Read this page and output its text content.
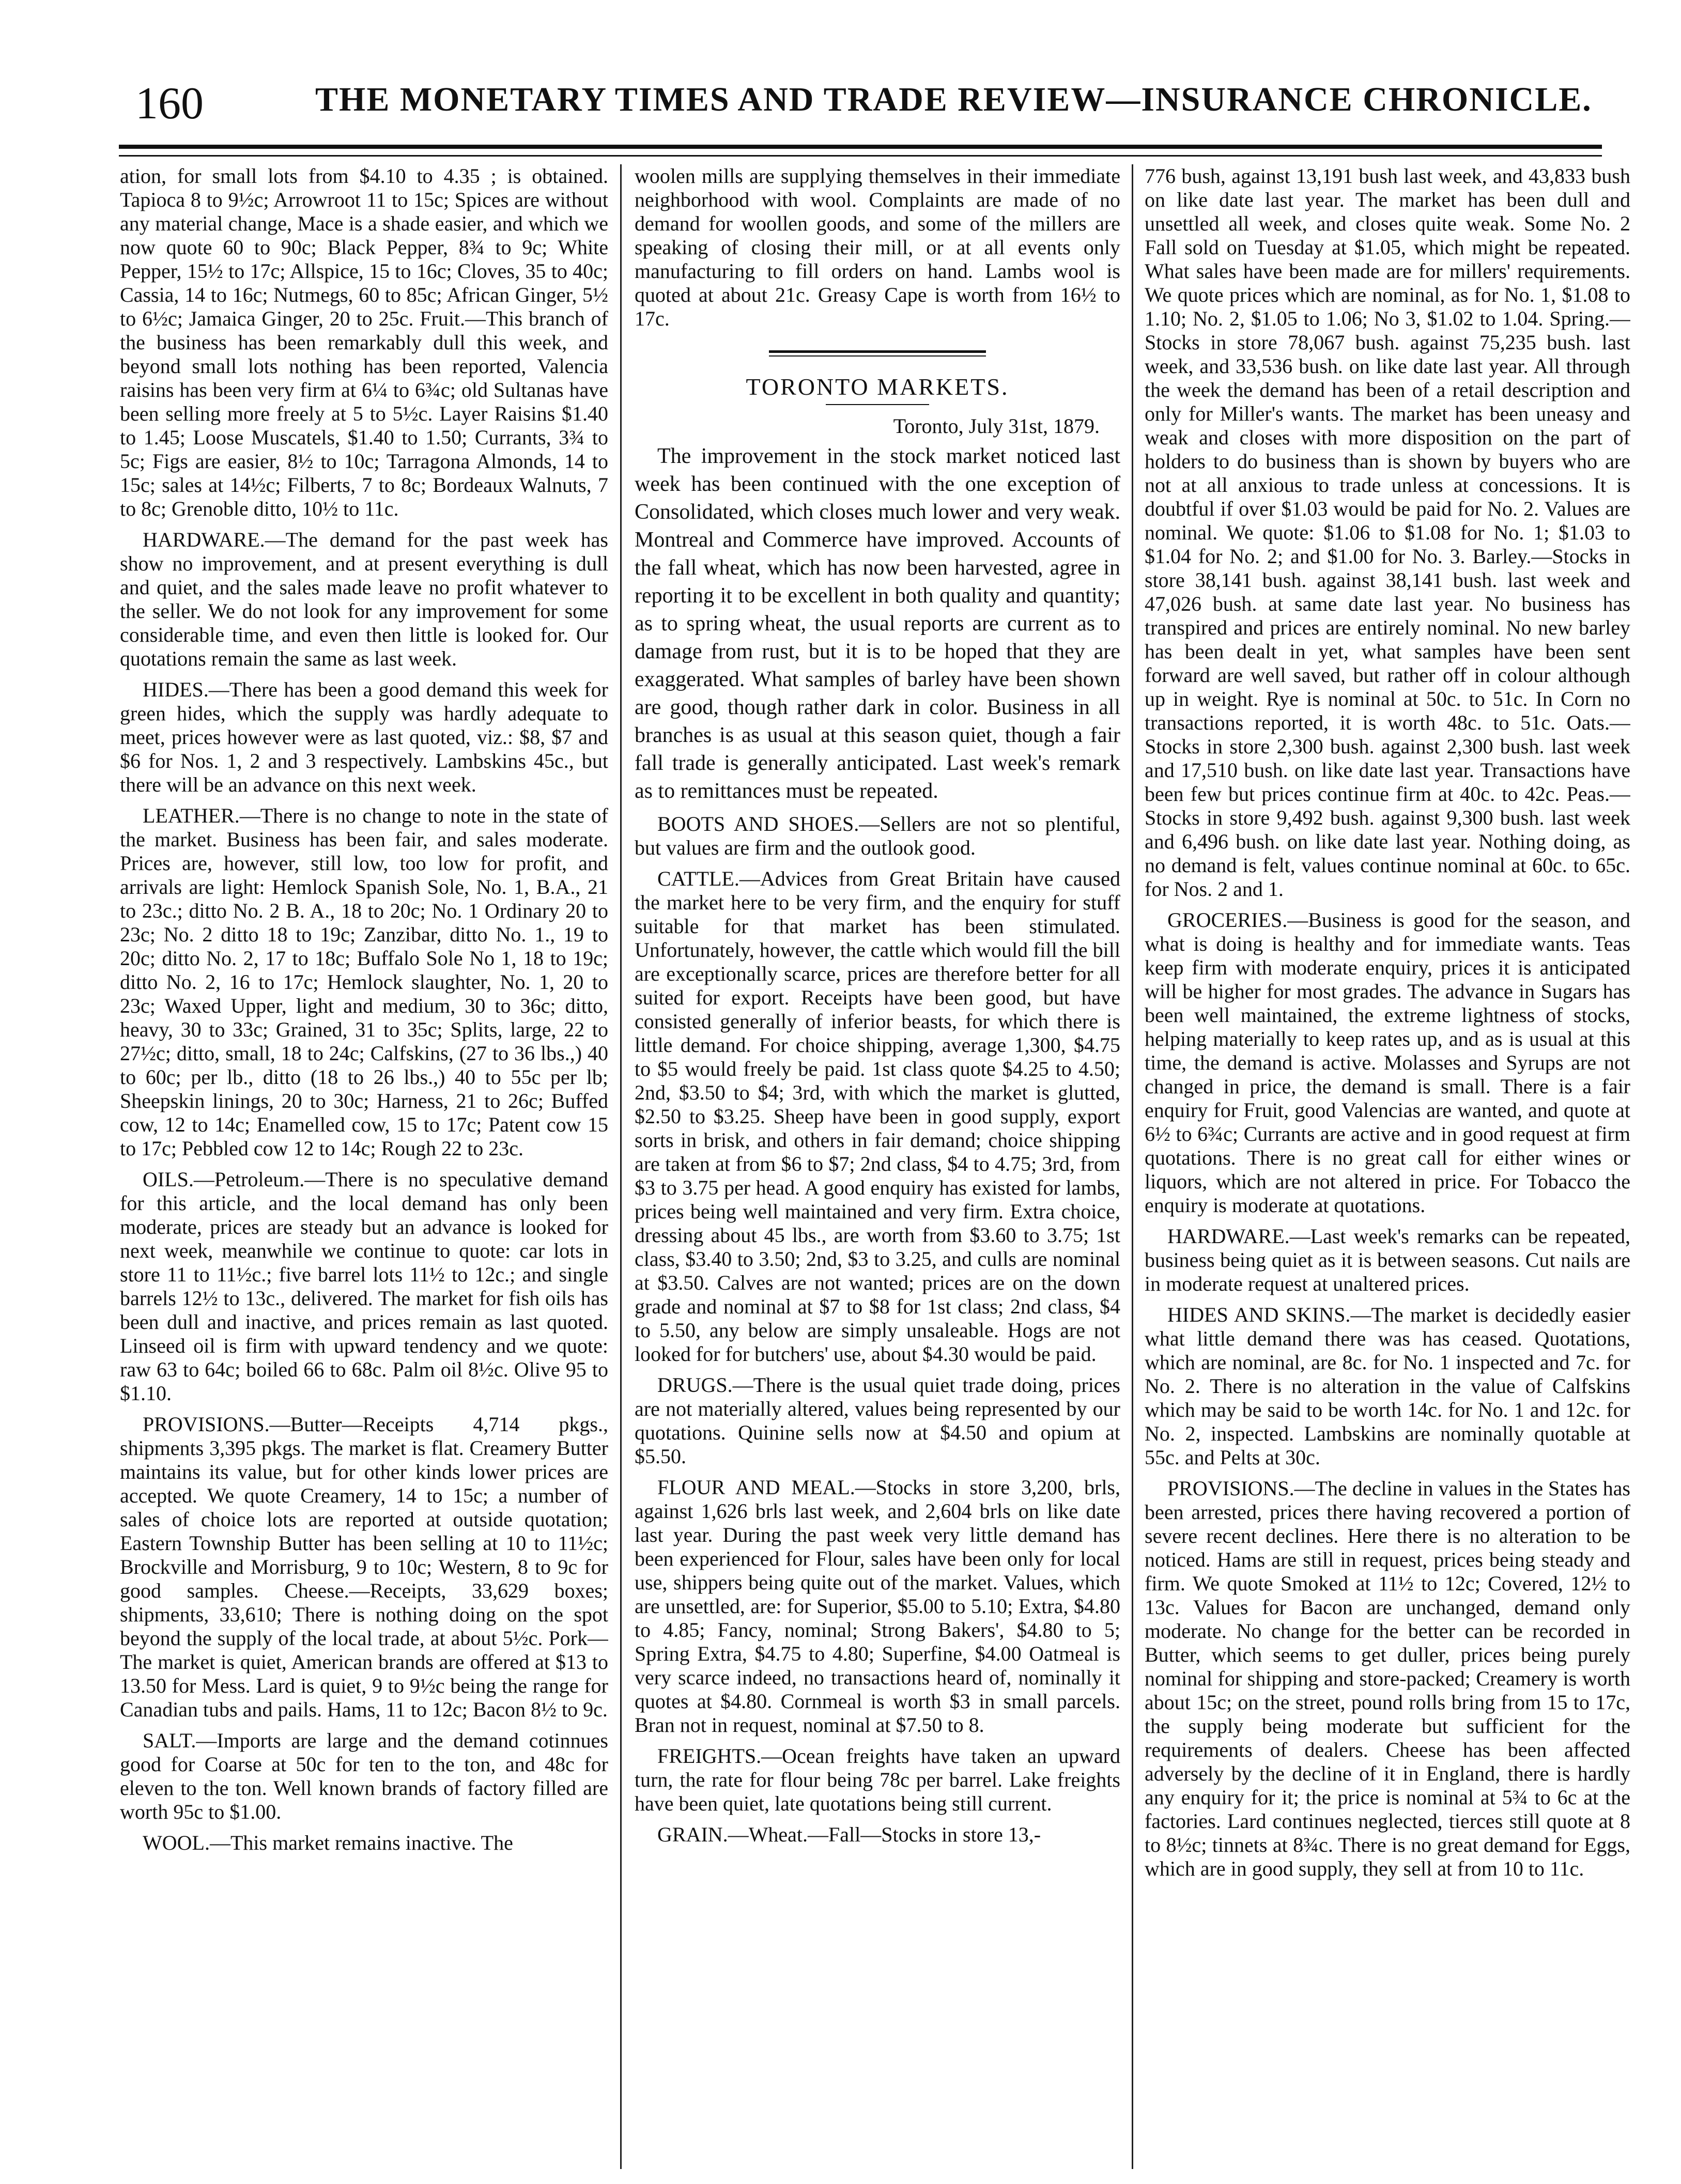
160	THE MONETARY TIMES AND TRADE REVIEW—INSURANCE CHRONICLE.

ation, for small lots from $4.10 to 4.35 ; is obtained. Tapioca 8 to 9½c; Arrowroot 11 to 15c; Spices are without any material change, Mace is a shade easier, and which we now quote 60 to 90c; Black Pepper, 8¾ to 9c; White Pepper, 15½ to 17c; Allspice, 15 to 16c; Cloves, 35 to 40c; Cassia, 14 to 16c; Nutmegs, 60 to 85c; African Ginger, 5½ to 6½c; Jamaica Ginger, 20 to 25c. Fruit.—This branch of the business has been remarkably dull this week, and beyond small lots nothing has been reported, Valencia raisins has been very firm at 6¼ to 6¾c; old Sultanas have been selling more freely at 5 to 5½c. Layer Raisins $1.40 to 1.45; Loose Muscatels, $1.40 to 1.50; Currants, 3¾ to 5c; Figs are easier, 8½ to 10c; Tarragona Almonds, 14 to 15c; sales at 14½c; Filberts, 7 to 8c; Bordeaux Walnuts, 7 to 8c; Grenoble ditto, 10½ to 11c.

HARDWARE.—The demand for the past week has show no improvement, and at present everything is dull and quiet, and the sales made leave no profit whatever to the seller. We do not look for any improvement for some considerable time, and even then little is looked for. Our quotations remain the same as last week.

HIDES.—There has been a good demand this week for green hides, which the supply was hardly adequate to meet, prices however were as last quoted, viz.: $8, $7 and $6 for Nos. 1, 2 and 3 respectively. Lambskins 45c., but there will be an advance on this next week.

LEATHER.—There is no change to note in the state of the market. Business has been fair, and sales moderate. Prices are, however, still low, too low for profit, and arrivals are light: Hemlock Spanish Sole, No. 1, B.A., 21 to 23c.; ditto No. 2 B. A., 18 to 20c; No. 1 Ordinary 20 to 23c; No. 2 ditto 18 to 19c; Zanzibar, ditto No. 1., 19 to 20c; ditto No. 2, 17 to 18c; Buffalo Sole No 1, 18 to 19c; ditto No. 2, 16 to 17c; Hemlock slaughter, No. 1, 20 to 23c; Waxed Upper, light and medium, 30 to 36c; ditto, heavy, 30 to 33c; Grained, 31 to 35c; Splits, large, 22 to 27½c; ditto, small, 18 to 24c; Calfskins, (27 to 36 lbs.,) 40 to 60c; per lb., ditto (18 to 26 lbs.,) 40 to 55c per lb; Sheepskin linings, 20 to 30c; Harness, 21 to 26c; Buffed cow, 12 to 14c; Enamelled cow, 15 to 17c; Patent cow 15 to 17c; Pebbled cow 12 to 14c; Rough 22 to 23c.

OILS.—Petroleum.—There is no speculative demand for this article, and the local demand has only been moderate, prices are steady but an advance is looked for next week, meanwhile we continue to quote: car lots in store 11 to 11½c.; five barrel lots 11½ to 12c.; and single barrels 12½ to 13c., delivered. The market for fish oils has been dull and inactive, and prices remain as last quoted. Linseed oil is firm with upward tendency and we quote: raw 63 to 64c; boiled 66 to 68c. Palm oil 8½c. Olive 95 to $1.10.

PROVISIONS.—Butter—Receipts 4,714 pkgs., shipments 3,395 pkgs. The market is flat. Creamery Butter maintains its value, but for other kinds lower prices are accepted. We quote Creamery, 14 to 15c; a number of sales of choice lots are reported at outside quotation; Eastern Township Butter has been selling at 10 to 11½c; Brockville and Morrisburg, 9 to 10c; Western, 8 to 9c for good samples. Cheese.—Receipts, 33,629 boxes; shipments, 33,610; There is nothing doing on the spot beyond the supply of the local trade, at about 5½c. Pork—The market is quiet, American brands are offered at $13 to 13.50 for Mess. Lard is quiet, 9 to 9½c being the range for Canadian tubs and pails. Hams, 11 to 12c; Bacon 8½ to 9c.

SALT.—Imports are large and the demand cotinnues good for Coarse at 50c for ten to the ton, and 48c for eleven to the ton. Well known brands of factory filled are worth 95c to $1.00.

WOOL.—This market remains inactive. The

woolen mills are supplying themselves in their immediate neighborhood with wool. Complaints are made of no demand for woollen goods, and some of the millers are speaking of closing their mill, or at all events only manufacturing to fill orders on hand. Lambs wool is quoted at about 21c. Greasy Cape is worth from 16½ to 17c.

TORONTO MARKETS.
Toronto, July 31st, 1879.

The improvement in the stock market noticed last week has been continued with the one exception of Consolidated, which closes much lower and very weak. Montreal and Commerce have improved. Accounts of the fall wheat, which has now been harvested, agree in reporting it to be excellent in both quality and quantity; as to spring wheat, the usual reports are current as to damage from rust, but it is to be hoped that they are exaggerated. What samples of barley have been shown are good, though rather dark in color. Business in all branches is as usual at this season quiet, though a fair fall trade is generally anticipated. Last week's remark as to remittances must be repeated.

BOOTS AND SHOES.—Sellers are not so plentiful, but values are firm and the outlook good.

CATTLE.—Advices from Great Britain have caused the market here to be very firm, and the enquiry for stuff suitable for that market has been stimulated. Unfortunately, however, the cattle which would fill the bill are exceptionally scarce, prices are therefore better for all suited for export. Receipts have been good, but have consisted generally of inferior beasts, for which there is little demand. For choice shipping, average 1,300, $4.75 to $5 would freely be paid. 1st class quote $4.25 to 4.50; 2nd, $3.50 to $4; 3rd, with which the market is glutted, $2.50 to $3.25. Sheep have been in good supply, export sorts in brisk, and others in fair demand; choice shipping are taken at from $6 to $7; 2nd class, $4 to 4.75; 3rd, from $3 to 3.75 per head. A good enquiry has existed for lambs, prices being well maintained and very firm. Extra choice, dressing about 45 lbs., are worth from $3.60 to 3.75; 1st class, $3.40 to 3.50; 2nd, $3 to 3.25, and culls are nominal at $3.50. Calves are not wanted; prices are on the down grade and nominal at $7 to $8 for 1st class; 2nd class, $4 to 5.50, any below are simply unsaleable. Hogs are not looked for for butchers' use, about $4.30 would be paid.

DRUGS.—There is the usual quiet trade doing, prices are not materially altered, values being represented by our quotations. Quinine sells now at $4.50 and opium at $5.50.

FLOUR AND MEAL.—Stocks in store 3,200, brls, against 1,626 brls last week, and 2,604 brls on like date last year. During the past week very little demand has been experienced for Flour, sales have been only for local use, shippers being quite out of the market. Values, which are unsettled, are: for Superior, $5.00 to 5.10; Extra, $4.80 to 4.85; Fancy, nominal; Strong Bakers', $4.80 to 5; Spring Extra, $4.75 to 4.80; Superfine, $4.00 Oatmeal is very scarce indeed, no transactions heard of, nominally it quotes at $4.80. Cornmeal is worth $3 in small parcels. Bran not in request, nominal at $7.50 to 8.

FREIGHTS.—Ocean freights have taken an upward turn, the rate for flour being 78c per barrel. Lake freights have been quiet, late quotations being still current.

GRAIN.—Wheat.—Fall—Stocks in store 13,-

776 bush, against 13,191 bush last week, and 43,833 bush on like date last year. The market has been dull and unsettled all week, and closes quite weak. Some No. 2 Fall sold on Tuesday at $1.05, which might be repeated. What sales have been made are for millers' requirements. We quote prices which are nominal, as for No. 1, $1.08 to 1.10; No. 2, $1.05 to 1.06; No 3, $1.02 to 1.04. Spring.—Stocks in store 78,067 bush. against 75,235 bush. last week, and 33,536 bush. on like date last year. All through the week the demand has been of a retail description and only for Miller's wants. The market has been uneasy and weak and closes with more disposition on the part of holders to do business than is shown by buyers who are not at all anxious to trade unless at concessions. It is doubtful if over $1.03 would be paid for No. 2. Values are nominal. We quote: $1.06 to $1.08 for No. 1; $1.03 to $1.04 for No. 2; and $1.00 for No. 3. Barley.—Stocks in store 38,141 bush. against 38,141 bush. last week and 47,026 bush. at same date last year. No business has transpired and prices are entirely nominal. No new barley has been dealt in yet, what samples have been sent forward are well saved, but rather off in colour although up in weight. Rye is nominal at 50c. to 51c. In Corn no transactions reported, it is worth 48c. to 51c. Oats.—Stocks in store 2,300 bush. against 2,300 bush. last week and 17,510 bush. on like date last year. Transactions have been few but prices continue firm at 40c. to 42c. Peas.—Stocks in store 9,492 bush. against 9,300 bush. last week and 6,496 bush. on like date last year. Nothing doing, as no demand is felt, values continue nominal at 60c. to 65c. for Nos. 2 and 1.

GROCERIES.—Business is good for the season, and what is doing is healthy and for immediate wants. Teas keep firm with moderate enquiry, prices it is anticipated will be higher for most grades. The advance in Sugars has been well maintained, the extreme lightness of stocks, helping materially to keep rates up, and as is usual at this time, the demand is active. Molasses and Syrups are not changed in price, the demand is small. There is a fair enquiry for Fruit, good Valencias are wanted, and quote at 6½ to 6¾c; Currants are active and in good request at firm quotations. There is no great call for either wines or liquors, which are not altered in price. For Tobacco the enquiry is moderate at quotations.

HARDWARE.—Last week's remarks can be repeated, business being quiet as it is between seasons. Cut nails are in moderate request at unaltered prices.

HIDES AND SKINS.—The market is decidedly easier what little demand there was has ceased. Quotations, which are nominal, are 8c. for No. 1 inspected and 7c. for No. 2. There is no alteration in the value of Calfskins which may be said to be worth 14c. for No. 1 and 12c. for No. 2, inspected. Lambskins are nominally quotable at 55c. and Pelts at 30c.

PROVISIONS.—The decline in values in the States has been arrested, prices there having recovered a portion of severe recent declines. Here there is no alteration to be noticed. Hams are still in request, prices being steady and firm. We quote Smoked at 11½ to 12c; Covered, 12½ to 13c. Values for Bacon are unchanged, demand only moderate. No change for the better can be recorded in Butter, which seems to get duller, prices being purely nominal for shipping and store-packed; Creamery is worth about 15c; on the street, pound rolls bring from 15 to 17c, the supply being moderate but sufficient for the requirements of dealers. Cheese has been affected adversely by the decline of it in England, there is hardly any enquiry for it; the price is nominal at 5¾ to 6c at the factories. Lard continues neglected, tierces still quote at 8 to 8½c; tinnets at 8¾c. There is no great demand for Eggs, which are in good supply, they sell at from 10 to 11c.
